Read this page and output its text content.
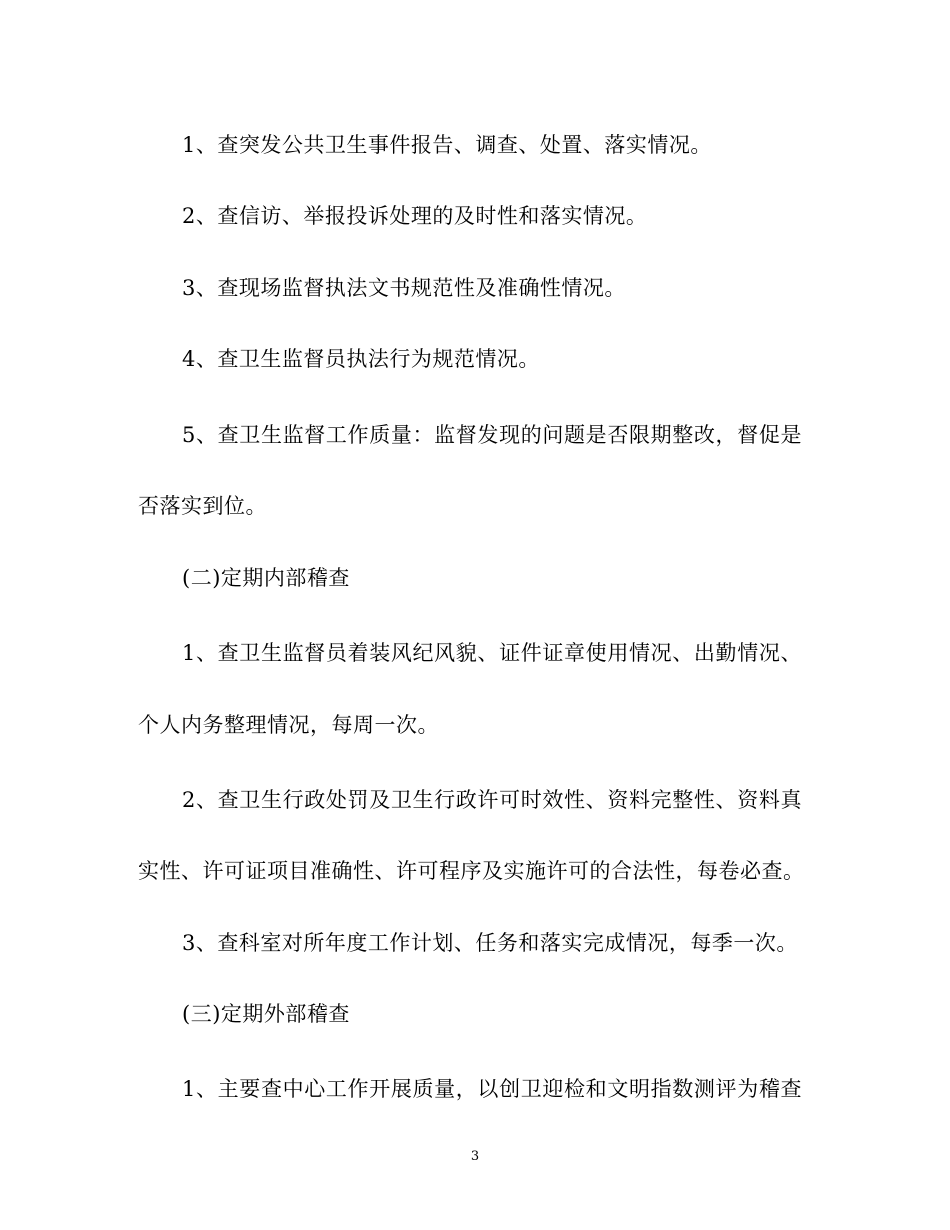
1、查突发公共卫生事件报告、调查、处置、落实情况。
2、查信访、举报投诉处理的及时性和落实情况。
3、查现场监督执法文书规范性及准确性情况。
4、查卫生监督员执法行为规范情况。
5、查卫生监督工作质量：监督发现的问题是否限期整改，督促是
否落实到位。
(二)定期内部稽查
1、查卫生监督员着装风纪风貌、证件证章使用情况、出勤情况、
个人内务整理情况，每周一次。
2、查卫生行政处罚及卫生行政许可时效性、资料完整性、资料真
实性、许可证项目准确性、许可程序及实施许可的合法性，每卷必查。
3、查科室对所年度工作计划、任务和落实完成情况，每季一次。
(三)定期外部稽查
1、主要查中心工作开展质量，以创卫迎检和文明指数测评为稽查
3
